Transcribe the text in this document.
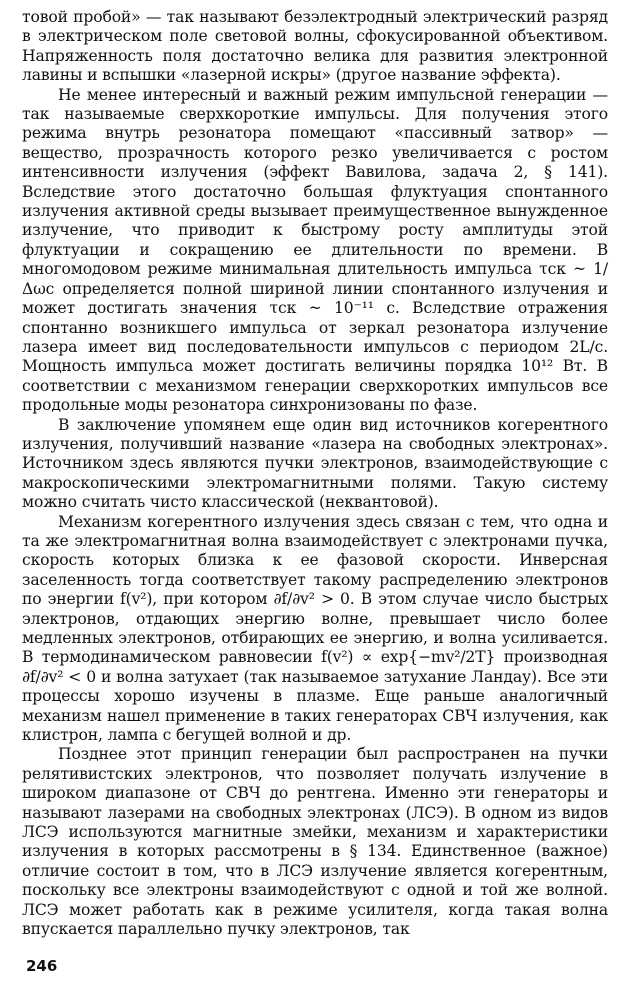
товой пробой» — так называют безэлектродный электрический разряд в электрическом поле световой волны, сфокусированной объективом. Напряженность поля достаточно велика для развития электронной лавины и вспышки «лазерной искры» (другое название эффекта).

Не менее интересный и важный режим импульсной генерации — так называемые сверхкороткие импульсы. Для получения этого режима внутрь резонатора помещают «пассивный затвор» — вещество, прозрачность которого резко увеличивается с ростом интенсивности излучения (эффект Вавилова, задача 2, § 141). Вследствие этого достаточно большая флуктуация спонтанного излучения активной среды вызывает преимущественное вынужденное излучение, что приводит к быстрому росту амплитуды этой флуктуации и сокращению ее длительности по времени. В многомодовом режиме минимальная длительность импульса τск ~ 1/Δωс определяется полной шириной линии спонтанного излучения и может достигать значения τск ~ 10⁻¹¹ с. Вследствие отражения спонтанно возникшего импульса от зеркал резонатора излучение лазера имеет вид последовательности импульсов с периодом 2L/c. Мощность импульса может достигать величины порядка 10¹² Вт. В соответствии с механизмом генерации сверхкоротких импульсов все продольные моды резонатора синхронизованы по фазе.

В заключение упомянем еще один вид источников когерентного излучения, получивший название «лазера на свободных электронах». Источником здесь являются пучки электронов, взаимодействующие с макроскопическими электромагнитными полями. Такую систему можно считать чисто классической (неквантовой).

Механизм когерентного излучения здесь связан с тем, что одна и та же электромагнитная волна взаимодействует с электронами пучка, скорость которых близка к ее фазовой скорости. Инверсная заселенность тогда соответствует такому распределению электронов по энергии f(v²), при котором ∂f/∂v² > 0. В этом случае число быстрых электронов, отдающих энергию волне, превышает число более медленных электронов, отбирающих ее энергию, и волна усиливается. В термодинамическом равновесии f(v²) ∝ exp{−mv²/2T} производная ∂f/∂v² < 0 и волна затухает (так называемое затухание Ландау). Все эти процессы хорошо изучены в плазме. Еще раньше аналогичный механизм нашел применение в таких генераторах СВЧ излучения, как клистрон, лампа с бегущей волной и др.

Позднее этот принцип генерации был распространен на пучки релятивистских электронов, что позволяет получать излучение в широком диапазоне от СВЧ до рентгена. Именно эти генераторы и называют лазерами на свободных электронах (ЛСЭ). В одном из видов ЛСЭ используются магнитные змейки, механизм и характеристики излучения в которых рассмотрены в § 134. Единственное (важное) отличие состоит в том, что в ЛСЭ излучение является когерентным, поскольку все электроны взаимодействуют с одной и той же волной. ЛСЭ может работать как в режиме усилителя, когда такая волна впускается параллельно пучку электронов, так

246
